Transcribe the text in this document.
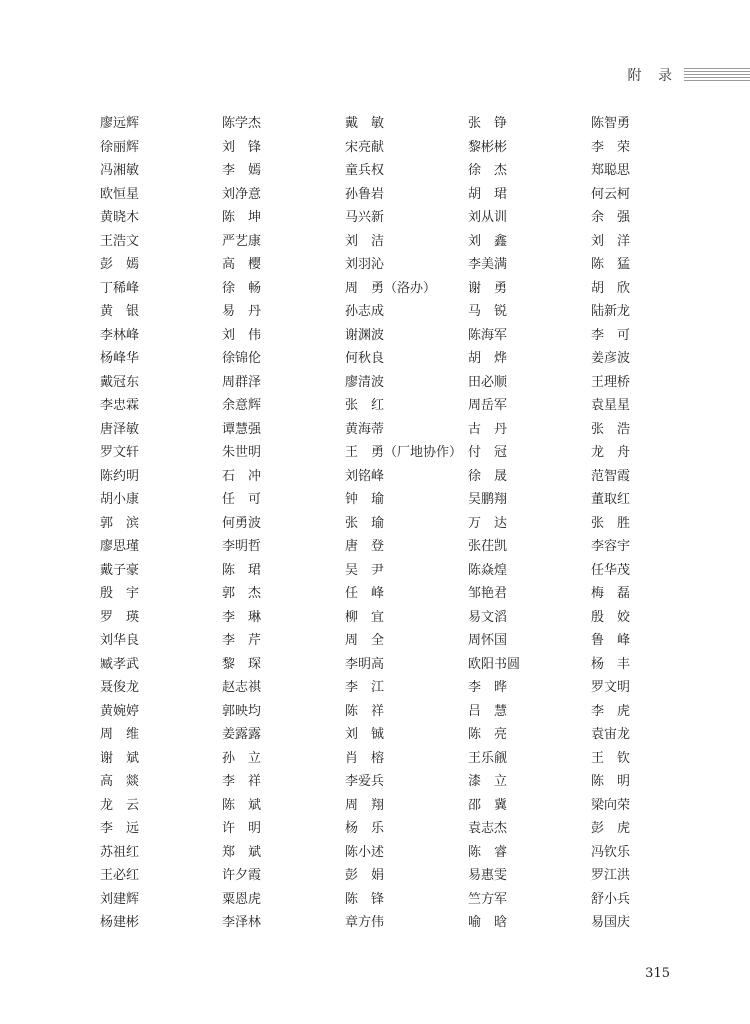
附 录
廖远辉
徐丽辉
冯湘敏
欧恒星
黄晓木
王浩文
彭　嫣
丁稀峰
黄　银
李林峰
杨峰华
戴冠东
李忠霖
唐泽敏
罗文轩
陈约明
胡小康
郭　滨
廖思瑾
戴子豪
殷　宇
罗　瑛
刘华良
臧孝武
聂俊龙
黄婉婷
周　维
谢　斌
高　燚
龙　云
李　远
苏祖红
王必红
刘建辉
杨建彬
陈学杰
刘　锋
李　嫣
刘净意
陈　坤
严艺康
高　樱
徐　畅
易　丹
刘　伟
徐锦伦
周群泽
余意辉
谭慧强
朱世明
石　冲
任　可
何勇波
李明哲
陈　珺
郭　杰
李　琳
李　芹
黎　琛
赵志祺
郭映均
姜露露
孙　立
李　祥
陈　斌
许　明
郑　斌
许夕霞
粟恩虎
李泽林
戴　敏
宋亮献
童兵权
孙鲁岩
马兴新
刘　洁
刘羽沁
周　勇（洛办）
孙志成
谢渊波
何秋良
廖清波
张　红
黄海蒂
王　勇（厂地协作）
刘铭峰
钟　瑜
张　瑜
唐　登
吴　尹
任　峰
柳　宜
周　全
李明高
李　江
陈　祥
刘　铖
肖　榕
李爱兵
周　翔
杨　乐
陈小述
彭　娟
陈　锋
章方伟
张　铮
黎彬彬
徐　杰
胡　珺
刘从训
刘　鑫
李美满
谢　勇
马　锐
陈海军
胡　烨
田必顺
周岳军
古　丹
付　冠
徐　晟
吴鹏翔
万　达
张茌凯
陈焱煌
邹艳君
易文滔
周怀国
欧阳书圆
李　晔
吕　慧
陈　亮
王乐觎
漆　立
邵　冀
袁志杰
陈　睿
易惠雯
竺方军
喻　晗
陈智勇
李　荣
郑聪思
何云柯
余　强
刘　洋
陈　猛
胡　欣
陆新龙
李　可
姜彦波
王理桥
袁星星
张　浩
龙　舟
范智霞
董取红
张　胜
李容宇
任华茂
梅　磊
殷　姣
鲁　峰
杨　丰
罗文明
李　虎
袁宙龙
王　钦
陈　明
梁向荣
彭　虎
冯钦乐
罗江洪
舒小兵
易国庆
315
